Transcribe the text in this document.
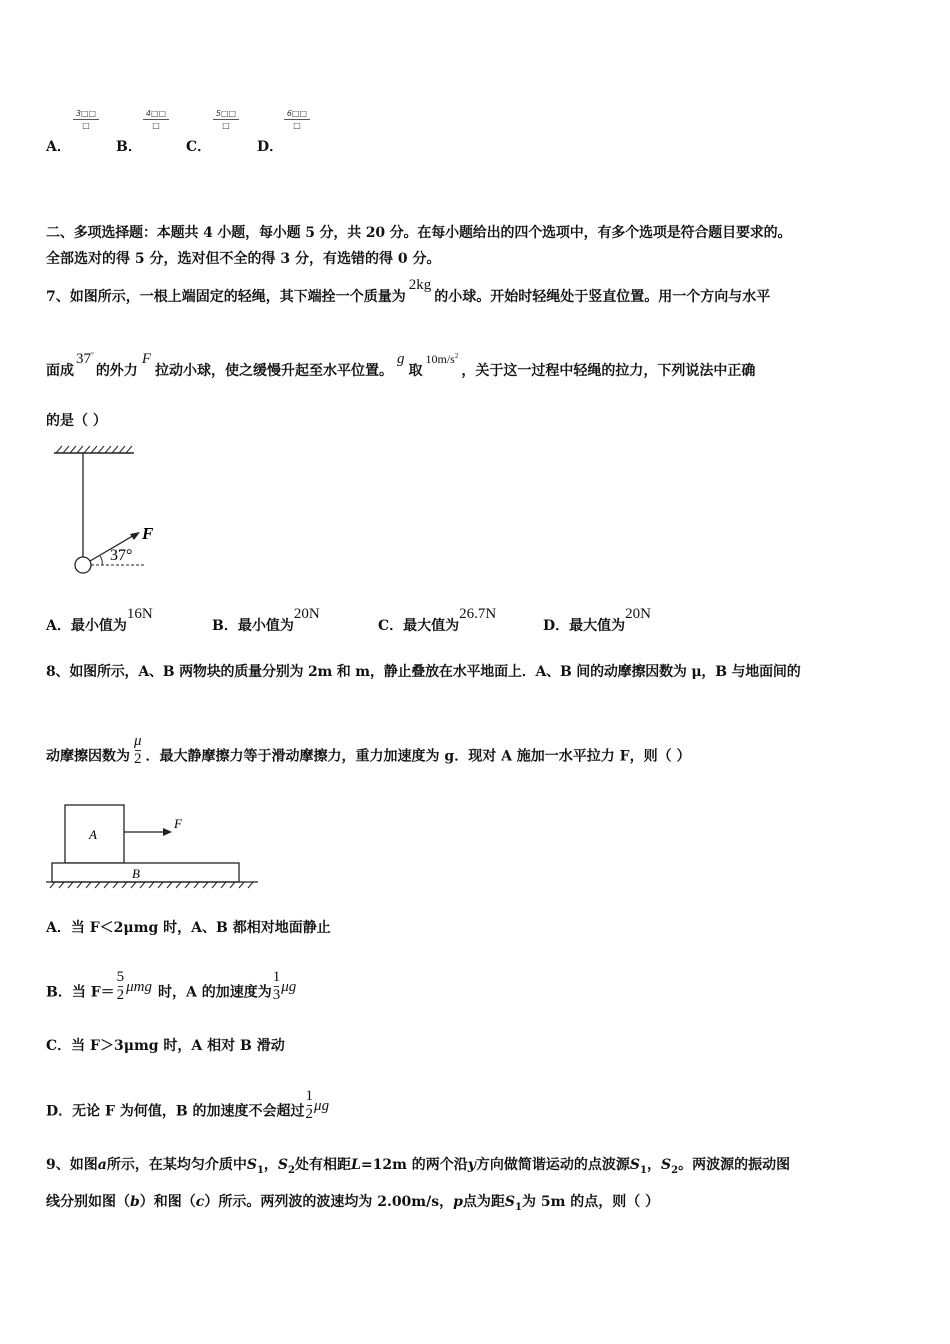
A．
3□□
□
B．
4□□
□
C．
5□□
□
D．
6□□
□
二、多项选择题：本题共 4 小题，每小题 5 分，共 20 分。在每小题给出的四个选项中，有多个选项是符合题目要求的。
全部选对的得 5 分，选对但不全的得 3 分，有选错的得 0 分。
7、如图所示，一根上端固定的轻绳，其下端拴一个质量为2kg的小球。开始时轻绳处于竖直位置。用一个方向与水平
面成37°的外力F拉动小球，使之缓慢升起至水平位置。g取$10m/s^2$，关于这一过程中轻绳的拉力，下列说法中正确
的是（ ）
F
37°
A．最小值为16N
B．最小值为20N
C．最大值为26.7N
D．最大值为20N
8、如图所示，A、B 两物块的质量分别为 2m 和 m，静止叠放在水平地面上．A、B 间的动摩擦因数为 μ，B 与地面间的
动摩擦因数为 $\frac{\mu}{2}$ ．最大静摩擦力等于滑动摩擦力，重力加速度为 g．现对 A 施加一水平拉力 F，则（ ）
A
F
B
A．当 F＜2μmg 时，A、B 都相对地面静止
B．当 $F= \frac{5}{2}$ μmg 时，A 的加速度为 $\frac{1}{3}$ μg
C．当 F＞3μmg 时，A 相对 B 滑动
D．无论 F 为何值，B 的加速度不会超过 $\frac{1}{2}$ μg
9、如图a所示，在某均匀介质中$S_1$，$S_2$处有相距L=12m 的两个沿y方向做简谐运动的点波源$S_1$，$S_2$。两波源的振动图
线分别如图（b）和图（c）所示。两列波的波速均为 2.00m/s，p点为距$S_1$为 5m 的点，则（ ）
